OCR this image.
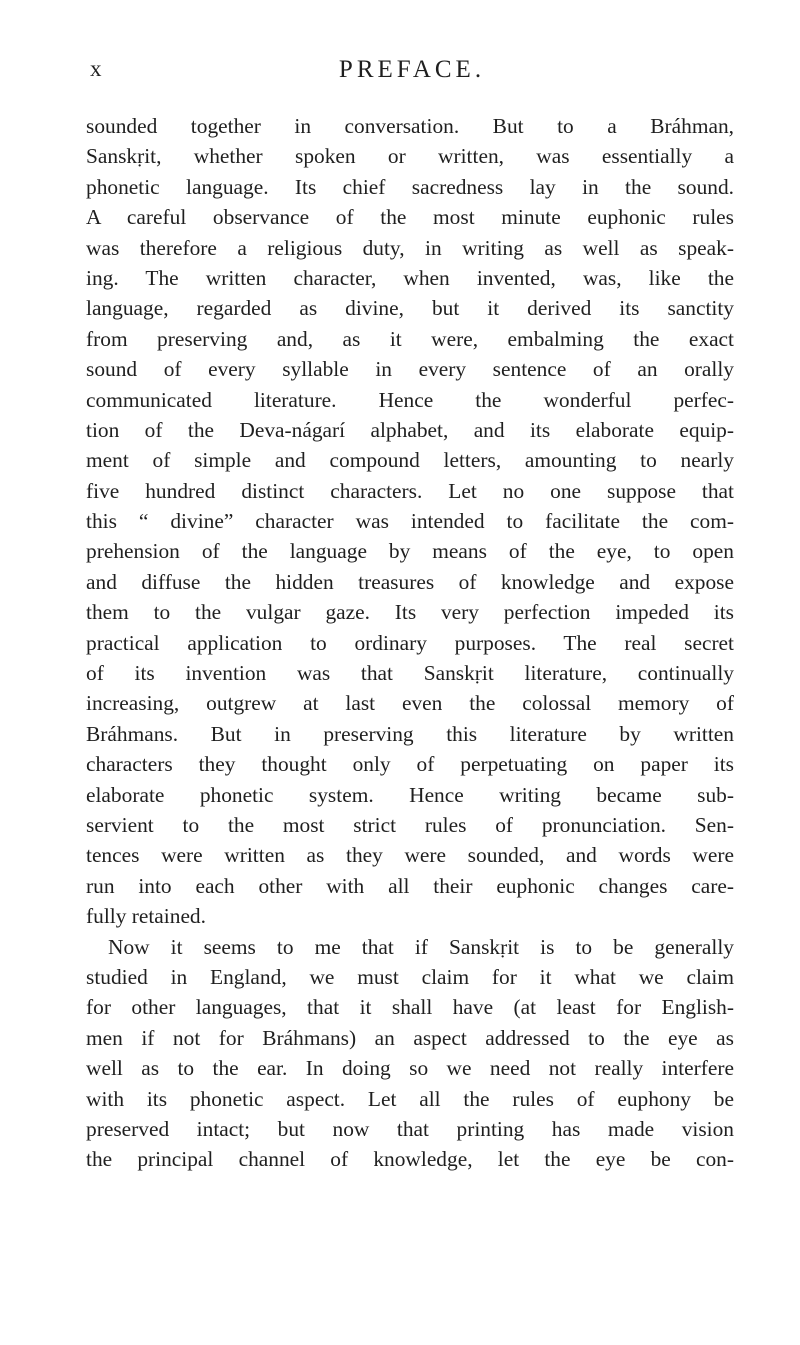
x	PREFACE.
sounded together in conversation. But to a Bráhman,
Sanskṛit, whether spoken or written, was essentially a
phonetic language. Its chief sacredness lay in the sound.
A careful observance of the most minute euphonic rules
was therefore a religious duty, in writing as well as speak-
ing. The written character, when invented, was, like the
language, regarded as divine, but it derived its sanctity
from preserving and, as it were, embalming the exact
sound of every syllable in every sentence of an orally
communicated literature. Hence the wonderful perfec-
tion of the Deva-nágarí alphabet, and its elaborate equip-
ment of simple and compound letters, amounting to nearly
five hundred distinct characters. Let no one suppose that
this “ divine” character was intended to facilitate the com-
prehension of the language by means of the eye, to open
and diffuse the hidden treasures of knowledge and expose
them to the vulgar gaze. Its very perfection impeded its
practical application to ordinary purposes. The real secret
of its invention was that Sanskṛit literature, continually
increasing, outgrew at last even the colossal memory of
Bráhmans. But in preserving this literature by written
characters they thought only of perpetuating on paper its
elaborate phonetic system. Hence writing became sub-
servient to the most strict rules of pronunciation. Sen-
tences were written as they were sounded, and words were
run into each other with all their euphonic changes care-
fully retained.
Now it seems to me that if Sanskṛit is to be generally
studied in England, we must claim for it what we claim
for other languages, that it shall have (at least for English-
men if not for Bráhmans) an aspect addressed to the eye as
well as to the ear. In doing so we need not really interfere
with its phonetic aspect. Let all the rules of euphony be
preserved intact; but now that printing has made vision
the principal channel of knowledge, let the eye be con-
